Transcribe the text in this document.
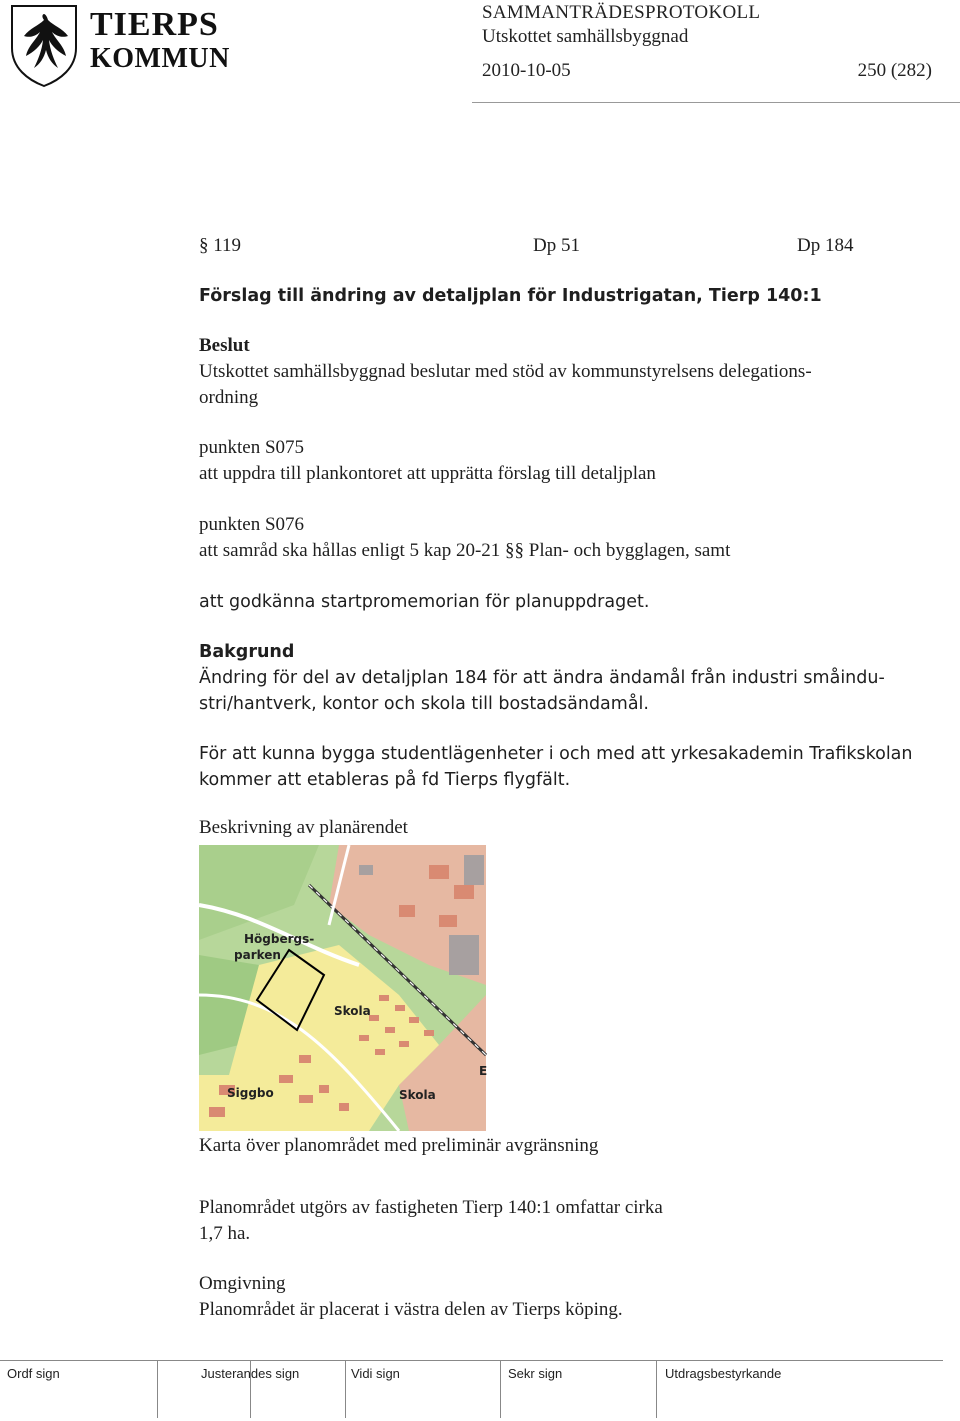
TIERPS
KOMMUN
SAMMANTRÄDESPROTOKOLL
Utskottet samhällsbyggnad
2010-10-05	250 (282)
§ 119	Dp 51	Dp 184
Förslag till ändring av detaljplan för Industrigatan, Tierp 140:1
Beslut
Utskottet samhällsbyggnad beslutar med stöd av kommunstyrelsens delegations-
ordning
punkten S075
att uppdra till plankontoret att upprätta förslag till detaljplan
punkten S076
att samråd ska hållas enligt 5 kap 20-21 §§ Plan- och bygglagen, samt
att godkänna startpromemorian för planuppdraget.
Bakgrund
Ändring för del av detaljplan 184 för att ändra ändamål från industri småindu-
stri/hantverk, kontor och skola till bostadsändamål.
För att kunna bygga studentlägenheter i och med att yrkesakademin Trafikskolan
kommer att etableras på fd Tierps flygfält.
Beskrivning av planärendet
Högbergs-
parken
Skola
Siggbo	Skola
E
Karta över planområdet med preliminär avgränsning
Planområdet utgörs av fastigheten Tierp 140:1 omfattar cirka
1,7 ha.
Omgivning
Planområdet är placerat i västra delen av Tierps köping.
Ordf sign	Justerandes sign	Vidi sign	Sekr sign	Utdragsbestyrkande
